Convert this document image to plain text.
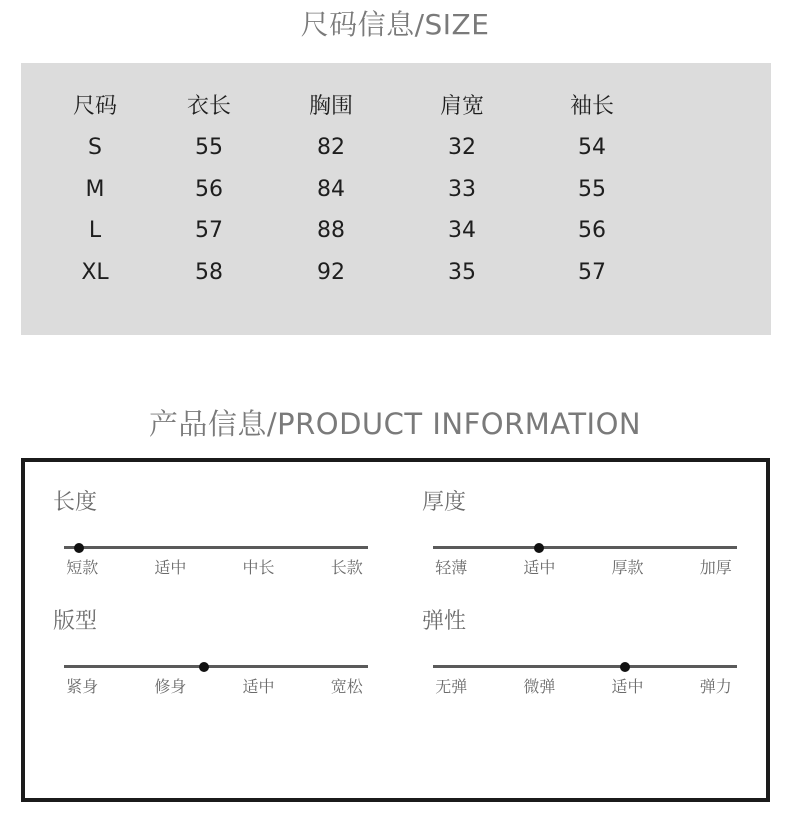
尺码信息/SIZE
尺码	衣长	胸围	肩宽	袖长
S	55	82	32	54
M	56	84	33	55
L	57	88	34	56
XL	58	92	35	57
产品信息/PRODUCT INFORMATION
长度
短款	适中	中长	长款
厚度
轻薄	适中	厚款	加厚
版型
紧身	修身	适中	宽松
弹性
无弹	微弹	适中	弹力
